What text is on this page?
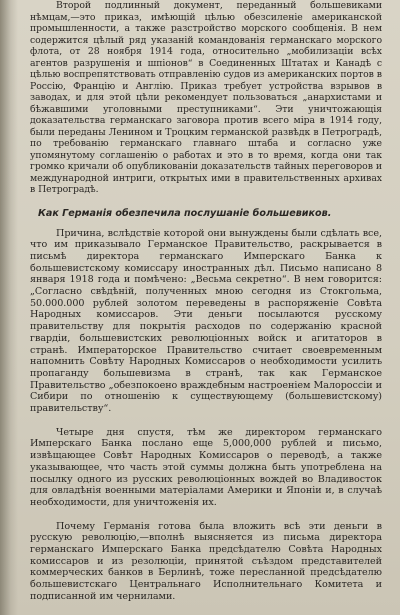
Второй подлинный документ, переданный большевиками нѣмцам,—это приказ, имѣющій цѣлью обезсиленіе американской промышленности, а также разстройство морского сообщенія. В нем содержится цѣлый ряд указаній командованія германскаго морского флота, от 28 ноября 1914 года, относительно „мобилизаціи всѣх агентов разрушенія и шпіонов“ в Соединенных Штатах и Канадѣ с цѣлью воспрепятствовать отправленію судов из американских портов в Россію, Францію и Англію. Приказ требует устройства взрывов в заводах, и для этой цѣли рекомендует пользоваться „анархистами и бѣжавшими уголовными преступниками“. Эти уничтожающія доказательства германскаго заговора против всего міра в 1914 году, были переданы Ленином и Троцким германской развѣдк в Петроградѣ, по требованію германскаго главнаго штаба и согласно уже упомянутому соглашенію о работах и это в то время, когда они так громко кричали об опубликованіи доказательств тайных переговоров и международной интриги, открытых ими в правительственных архивах в Петроградѣ.

Как Германія обезпечила послушаніе большевиков.

Причина, вслѣдствіе которой они вынуждены были сдѣлать все, что им приказывало Германское Правительство, раскрывается в письмѣ директора германскаго Имперскаго Банка к большевистскому комиссару иностранных дѣл. Письмо написано 8 января 1918 года и помѣчено: „Весьма секретно“. В нем говорится: „Согласно свѣдѣній, полученных мною сегодня из Стокгольма, 50.000.000 рублей золотом переведены в распоряженіе Совѣта Народных комиссаров. Эти деньги посылаются русскому правительству для покрытія расходов по содержанію красной гвардіи, большевистских революціонных войск и агитаторов в странѣ. Императорское Правительство считает своевременным напомнить Совѣту Народных Комиссаров о необходимости усилить пропаганду большевизма в странѣ, так как Германское Правительство „обезпокоено враждебным настроеніем Малороссіи и Сибири по отношенію к существующему (большевистскому) правительству“.

Четыре дня спустя, тѣм же директором германскаго Имперскаго Банка послано еще 5,000,000 рублей и письмо, извѣщающее Совѣт Народных Комиссаров о переводѣ, а также указывающее, что часть этой суммы должна быть употреблена на посылку одного из русских революціонных вождей во Владивосток для овладѣнія военными матеріалами Америки и Японіи и, в случаѣ необходимости, для уничтоженія их.

Почему Германія готова была вложить всѣ эти деньги в русскую революцію,—вполнѣ выясняется из письма директора германскаго Имперскаго Банка предсѣдателю Совѣта Народных комиссаров и из резолюціи, принятой съѣздом представителей коммерческих банков в Берлинѣ, тоже пересланной предсѣдателю большевистскаго Центральнаго Исполнительнаго Комитета и подписанной им чернилами.
